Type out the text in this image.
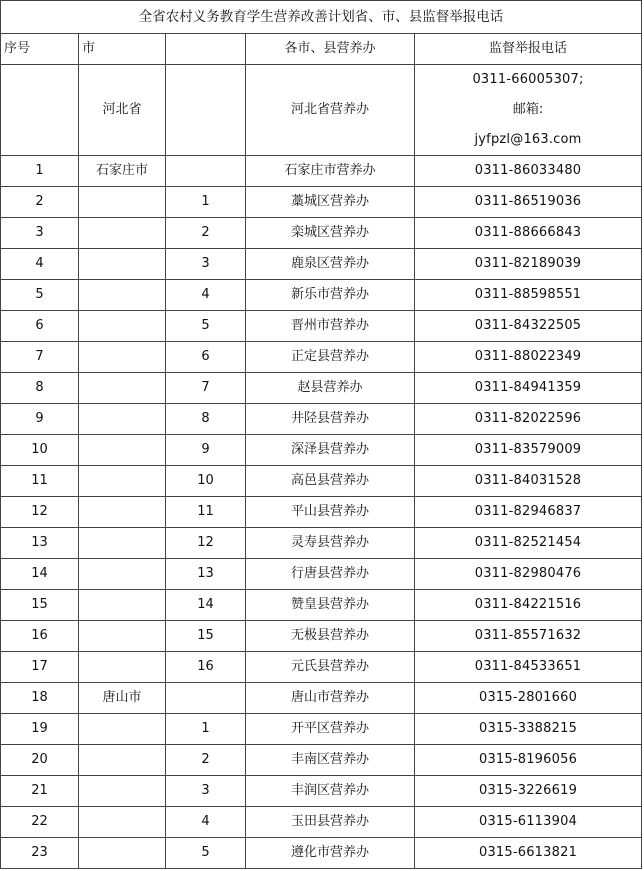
全省农村义务教育学生营养改善计划省、市、县监督举报电话				
序号	市		各市、县营养办	监督举报电话
	河北省		河北省营养办	0311-66005307;
邮箱:
jyfpzl@163.com

1	石家庄市		石家庄市营养办	0311-86033480
2		1	藁城区营养办	0311-86519036
3		2	栾城区营养办	0311-88666843
4		3	鹿泉区营养办	0311-82189039
5		4	新乐市营养办	0311-88598551
6		5	晋州市营养办	0311-84322505
7		6	正定县营养办	0311-88022349
8		7	赵县营养办	0311-84941359
9		8	井陉县营养办	0311-82022596
10		9	深泽县营养办	0311-83579009
11		10	高邑县营养办	0311-84031528
12		11	平山县营养办	0311-82946837
13		12	灵寿县营养办	0311-82521454
14		13	行唐县营养办	0311-82980476
15		14	赞皇县营养办	0311-84221516
16		15	无极县营养办	0311-85571632
17		16	元氏县营养办	0311-84533651
18	唐山市		唐山市营养办	0315-2801660
19		1	开平区营养办	0315-3388215
20		2	丰南区营养办	0315-8196056
21		3	丰润区营养办	0315-3226619
22		4	玉田县营养办	0315-6113904
23		5	遵化市营养办	0315-6613821
